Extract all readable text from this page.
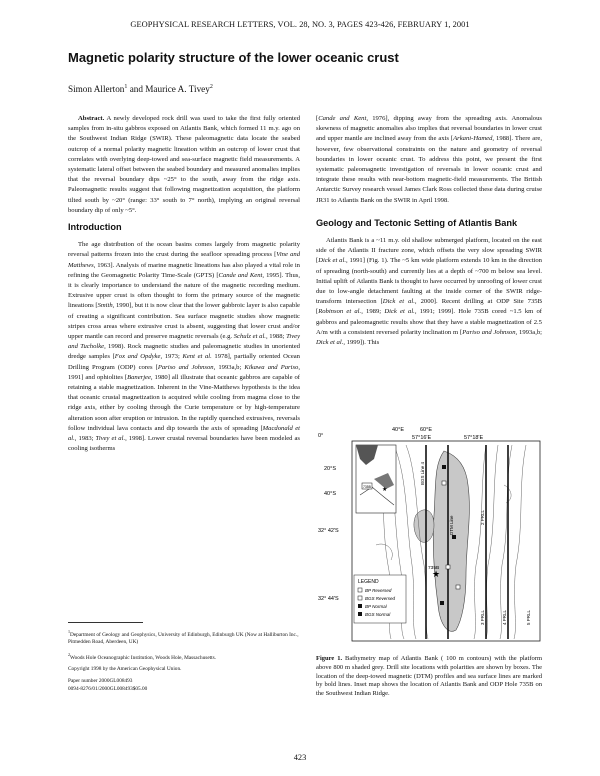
GEOPHYSICAL RESEARCH LETTERS, VOL. 28, NO. 3, PAGES 423-426, FEBRUARY 1, 2001
Magnetic polarity structure of the lower oceanic crust
Simon Allerton$^1$ and Maurice A. Tivey$^2$

Abstract. A newly developed rock drill was used to take the first fully oriented samples from in-situ gabbros exposed on Atlantis Bank, which formed 11 m.y. ago on the Southwest Indian Ridge (SWIR). These paleomagnetic data locate the seabed outcrop of a normal polarity magnetic lineation within an outcrop of lower crust that correlates with overlying deep-towed and sea-surface magnetic field measurements. A systematic lateral offset between the seabed boundary and measured anomalies implies that the reversal boundary dips ~25° to the south, away from the ridge axis. Paleomagnetic results suggest that following magnetization acquisition, the platform tilted south by ~20° (range: 33° south to 7° north), implying an original reversal boundary dip of only ~5°.

Introduction

The age distribution of the ocean basins comes largely from magnetic polarity reversal patterns frozen into the crust during the seafloor spreading process [Vine and Matthews, 1963]. Analysis of marine magnetic lineations has also played a vital role in refining the Geomagnetic Polarity Time-Scale (GPTS) [Cande and Kent, 1995]. Thus, it is clearly importance to understand the nature of the magnetic recording medium. Extrusive upper crust is often thought to form the primary source of the magnetic lineations [Smith, 1990], but it is now clear that the lower gabbroic layer is also capable of creating a significant contribution. Sea surface magnetic studies show magnetic stripes cross areas where extrusive crust is absent, suggesting that lower crust and/or upper mantle can record and preserve magnetic reversals (e.g. Schulz et al., 1988; Tivey and Tucholke, 1998). Rock magnetic studies and paleomagnetic studies in unoriented dredge samples [Fox and Opdyke, 1973; Kent et al. 1978], partially oriented Ocean Drilling Program (ODP) cores [Pariso and Johnson, 1993a,b; Kikawa and Pariso, 1991] and ophiolites [Banerjee, 1980] all illustrate that oceanic gabbros are capable of retaining a stable magnetization. Inherent in the Vine-Matthews hypothesis is the idea that oceanic crustal magnetization is acquired while cooling from magma close to the ridge axis, either by cooling through the Curie temperature or by high-temperature alteration soon after eruption or intrusion. In the rapidly quenched extrusives, reversals follow individual lava contacts and dip towards the axis of spreading [Macdonald et al., 1983; Tivey et al., 1998]. Lower crustal reversal boundaries have been modeled as cooling isotherms

$^1$Department of Geology and Geophysics, University of Edinburgh, Edinburgh UK (Now at Halliburton Inc., Pitmedden Road, Aberdeen, UK)

$^2$Woods Hole Oceanographic Institution, Woods Hole, Massachusetts.

Copyright 1998 by the American Geophysical Union.

Paper number 2000GL008493

0094-8276/01/2000GL008493$05.00

[Cande and Kent, 1976], dipping away from the spreading axis. Anomalous skewness of magnetic anomalies also implies that reversal boundaries in lower crust and upper mantle are inclined away from the axis [Arkani-Hamed, 1988]. There are, however, few observational constraints on the nature and geometry of reversal boundaries in lower oceanic crust. To address this point, we present the first systematic paleomagnetic investigation of reversals in lower oceanic crust and integrate these results with near-bottom magnetic-field measurements. The British Antarctic Survey research vessel James Clark Ross collected these data during cruise JR31 to Atlantis Bank on the SWIR in April 1998.

Geology and Tectonic Setting of Atlantis Bank

Atlantis Bank is a ~11 m.y. old shallow submerged platform, located on the east side of the Atlantis II fracture zone, which offsets the very slow spreading SWIR [Dick et al., 1991] (Fig. 1). The ~5 km wide platform extends 10 km in the direction of spreading (north-south) and currently lies at a depth of ~700 m below sea level. Initial uplift of Atlantis Bank is thought to have occurred by unroofing of lower crust due to low-angle detachment faulting at the inside corner of the SWIR ridge-transform intersection [Dick et al., 2000]. Recent drilling at ODP Site 735B [Robinson et al., 1989; Dick et al., 1991; 1999]. Hole 735B cored ~1.5 km of gabbros and paleomagnetic results show that they have a stable magnetization of 2.5 A/m with a consistent reversed polarity inclination m [Pariso and Johnson, 1993a,b; Dick et al., 1999]). This

40°E	60°E
0°	57°16'E	57°18'E
20°S
40°S
32° 42'S
32° 44'S
BGS Line 4
DTM Line	2 PRLL
3 PRLL	4 PRLL	5 PRLL
★
735B
735B ★
LEGEND
BP Reversed
BGS Reversed
BP Normal
BGS Normal
Figure 1. Bathymetry map of Atlantis Bank ( 100 m contours) with the platform above 800 m shaded grey. Drill site locations with polarities are shown by boxes. The location of the deep-towed magnetic (DTM) profiles and sea surface lines are marked by bold lines. Inset map shows the location of Atlantis Bank and ODP Hole 735B on the Southwest Indian Ridge.
423
